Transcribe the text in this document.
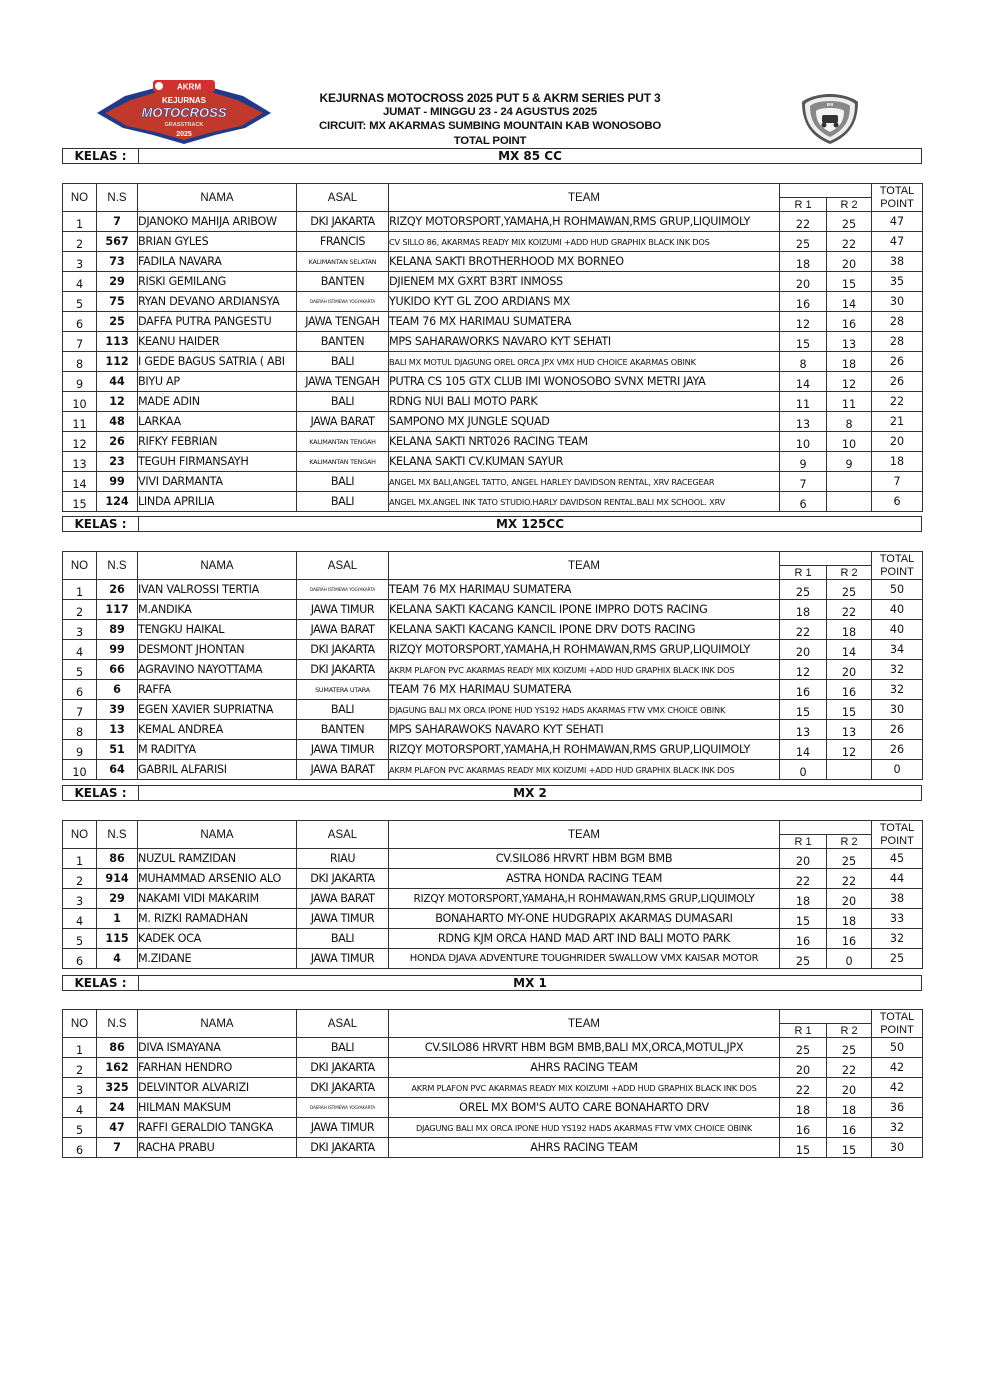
AKRM
KEJURNAS
MOTOCROSS
GRASSTRACK
2025
KEJURNAS MOTOCROSS 2025 PUT 5 & AKRM SERIES PUT 3
JUMAT - MINGGU 23 - 24 AGUSTUS 2025
CIRCUIT: MX AKARMAS SUMBING MOUNTAIN KAB WONOSOBO
TOTAL POINT
IMI
KELAS :	MX 85 CC
NO	N.S	NAMA	ASAL	TEAM			TOTAL
POINT
					R 1	R 2	
1	7	DJANOKO MAHIJA ARIBOW	DKI JAKARTA	RIZQY MOTORSPORT,YAMAHA,H ROHMAWAN,RMS GRUP,LIQUIMOLY	22	25	47
2	567	BRIAN GYLES	FRANCIS	CV SILLO 86, AKARMAS READY MIX KOIZUMI +ADD HUD GRAPHIX BLACK INK DOS	25	22	47
3	73	FADILA NAVARA	KALIMANTAN SELATAN	KELANA SAKTI BROTHERHOOD MX BORNEO	18	20	38
4	29	RISKI GEMILANG	BANTEN	DJIENEM MX GXRT B3RT INMOSS	20	15	35
5	75	RYAN DEVANO ARDIANSYA	DAERAH ISTIMEWA YOGYAKARTA	YUKIDO KYT GL ZOO ARDIANS MX	16	14	30
6	25	DAFFA PUTRA PANGESTU	JAWA TENGAH	TEAM 76 MX HARIMAU SUMATERA	12	16	28
7	113	KEANU HAIDER	BANTEN	MPS SAHARAWORKS NAVARO KYT SEHATI	15	13	28
8	112	I GEDE BAGUS SATRIA ( ABI	BALI	BALI MX MOTUL DJAGUNG OREL ORCA JPX VMX HUD CHOICE AKARMAS OBINK	8	18	26
9	44	BIYU AP	JAWA TENGAH	PUTRA CS 105 GTX CLUB IMI WONOSOBO SVNX METRI JAYA	14	12	26
10	12	MADE ADIN	BALI	RDNG NUI BALI MOTO PARK	11	11	22
11	48	LARKAA	JAWA BARAT	SAMPONO MX JUNGLE SQUAD	13	8	21
12	26	RIFKY FEBRIAN	KALIMANTAN TENGAH	KELANA SAKTI NRT026 RACING TEAM	10	10	20
13	23	TEGUH FIRMANSAYH	KALIMANTAN TENGAH	KELANA SAKTI CV.KUMAN SAYUR	9	9	18
14	99	VIVI DARMANTA	BALI	ANGEL MX BALI,ANGEL TATTO, ANGEL HARLEY DAVIDSON RENTAL, XRV RACEGEAR	7		7
15	124	LINDA APRILIA	BALI	ANGEL MX.ANGEL INK TATO STUDIO.HARLY DAVIDSON RENTAL.BALI MX SCHOOL. XRV	6		6
KELAS :	MX 125CC
NO	N.S	NAMA	ASAL	TEAM			TOTAL
POINT
					R 1	R 2	
1	26	IVAN VALROSSI TERTIA	DAERAH ISTIMEWA YOGYAKARTA	TEAM 76 MX HARIMAU SUMATERA	25	25	50
2	117	M.ANDIKA	JAWA TIMUR	KELANA SAKTI KACANG KANCIL IPONE IMPRO DOTS RACING	18	22	40
3	89	TENGKU HAIKAL	JAWA BARAT	KELANA SAKTI KACANG KANCIL IPONE DRV DOTS RACING	22	18	40
4	99	DESMONT JHONTAN	DKI JAKARTA	RIZQY MOTORSPORT,YAMAHA,H ROHMAWAN,RMS GRUP,LIQUIMOLY	20	14	34
5	66	AGRAVINO NAYOTTAMA	DKI JAKARTA	AKRM PLAFON PVC AKARMAS READY MIX KOIZUMI +ADD HUD GRAPHIX BLACK INK DOS	12	20	32
6	6	RAFFA	SUMATERA UTARA	TEAM 76 MX HARIMAU SUMATERA	16	16	32
7	39	EGEN XAVIER SUPRIATNA	BALI	DJAGUNG BALI MX ORCA IPONE HUD YS192 HADS AKARMAS FTW VMX CHOICE OBINK	15	15	30
8	13	KEMAL ANDREA	BANTEN	MPS SAHARAWOKS NAVARO KYT SEHATI	13	13	26
9	51	M RADITYA	JAWA TIMUR	RIZQY MOTORSPORT,YAMAHA,H ROHMAWAN,RMS GRUP,LIQUIMOLY	14	12	26
10	64	GABRIL ALFARISI	JAWA BARAT	AKRM PLAFON PVC AKARMAS READY MIX KOIZUMI +ADD HUD GRAPHIX BLACK INK DOS	0		0
KELAS :	MX 2
NO	N.S	NAMA	ASAL	TEAM			TOTAL
POINT
					R 1	R 2	
1	86	NUZUL RAMZIDAN	RIAU	CV.SILO86 HRVRT HBM BGM BMB	20	25	45
2	914	MUHAMMAD ARSENIO ALO	DKI JAKARTA	ASTRA HONDA RACING TEAM	22	22	44
3	29	NAKAMI VIDI MAKARIM	JAWA BARAT	RIZQY MOTORSPORT,YAMAHA,H ROHMAWAN,RMS GRUP,LIQUIMOLY	18	20	38
4	1	M. RIZKI RAMADHAN	JAWA TIMUR	BONAHARTO MY-ONE HUDGRAPIX AKARMAS DUMASARI	15	18	33
5	115	KADEK OCA	BALI	RDNG KJM ORCA HAND MAD ART IND BALI MOTO PARK	16	16	32
6	4	M.ZIDANE	JAWA TIMUR	HONDA DJAVA ADVENTURE TOUGHRIDER SWALLOW VMX KAISAR MOTOR	25	0	25
KELAS :	MX 1
NO	N.S	NAMA	ASAL	TEAM			TOTAL
POINT
					R 1	R 2	
1	86	DIVA ISMAYANA	BALI	CV.SILO86 HRVRT HBM BGM BMB,BALI MX,ORCA,MOTUL,JPX	25	25	50
2	162	FARHAN HENDRO	DKI JAKARTA	AHRS RACING TEAM	20	22	42
3	325	DELVINTOR ALVARIZI	DKI JAKARTA	AKRM PLAFON PVC AKARMAS READY MIX KOIZUMI +ADD HUD GRAPHIX BLACK INK DOS	22	20	42
4	24	HILMAN MAKSUM	DAERAH ISTIMEWA YOGYAKARTA	OREL MX BOM'S AUTO CARE BONAHARTO DRV	18	18	36
5	47	RAFFI GERALDIO TANGKA	JAWA TIMUR	DJAGUNG BALI MX ORCA IPONE HUD YS192 HADS AKARMAS FTW VMX CHOICE OBINK	16	16	32
6	7	RACHA PRABU	DKI JAKARTA	AHRS RACING TEAM	15	15	30
